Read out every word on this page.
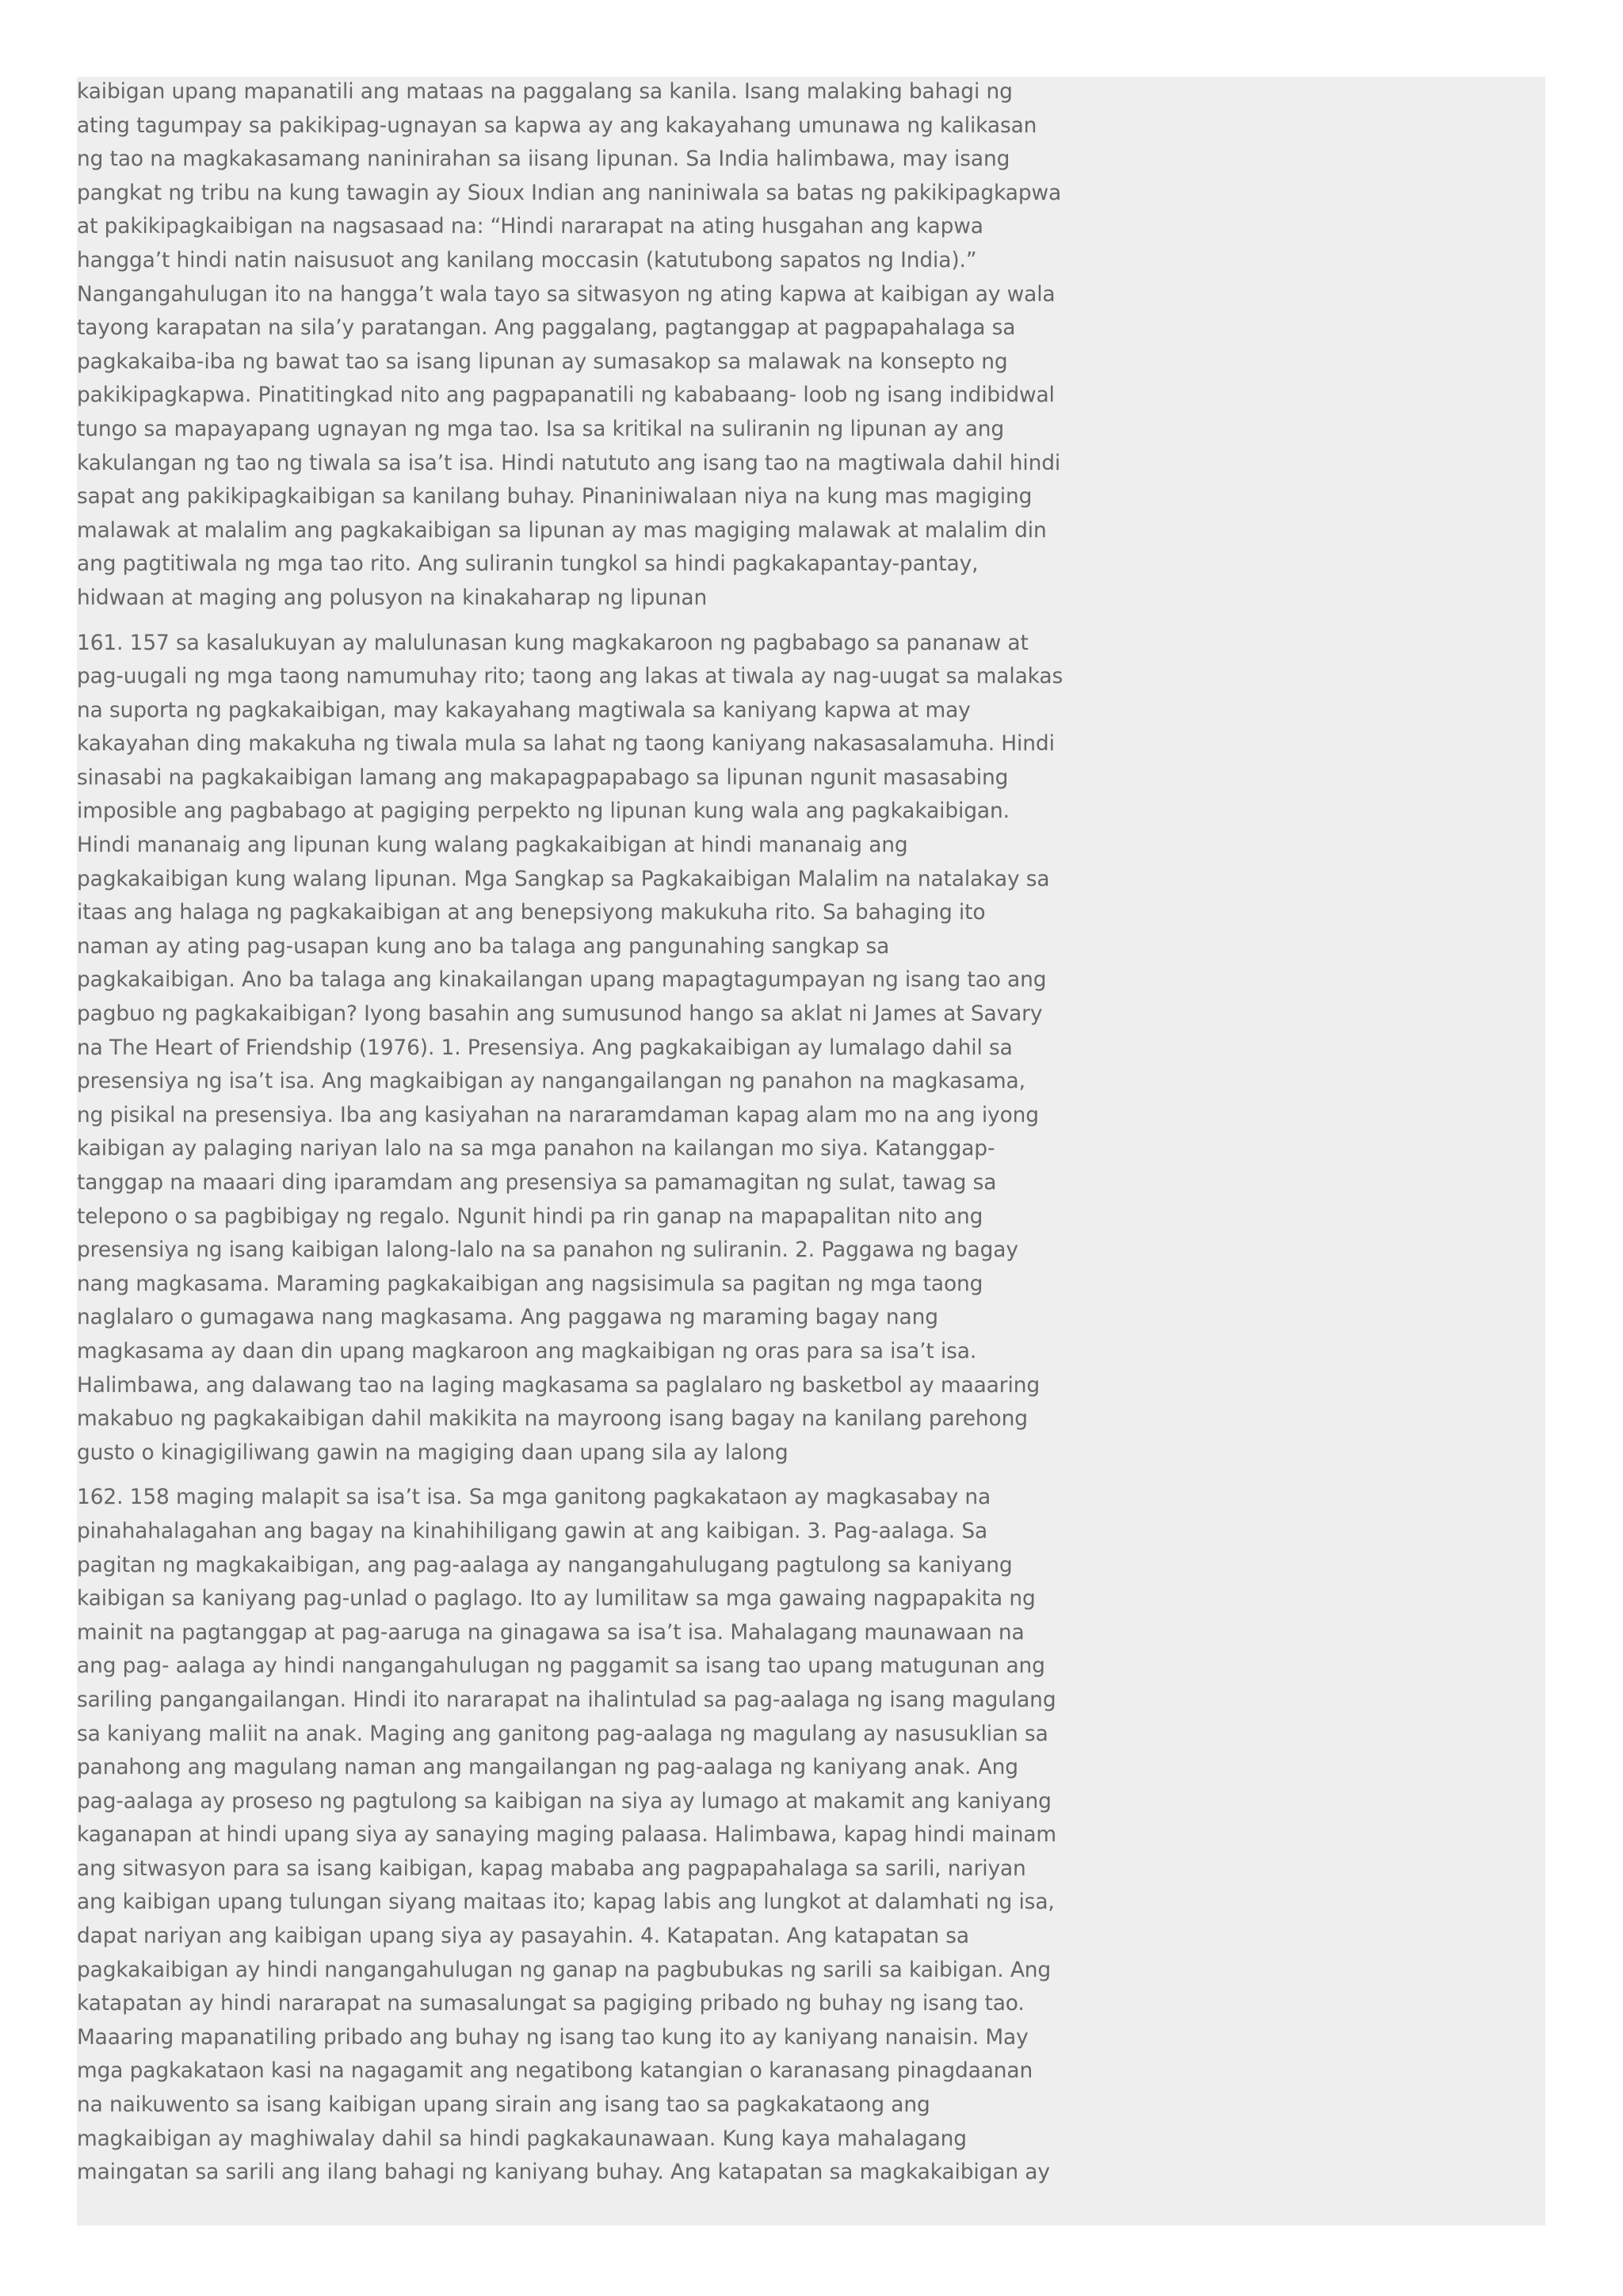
kaibigan upang mapanatili ang mataas na paggalang sa kanila. Isang malaking bahagi ng
ating tagumpay sa pakikipag-ugnayan sa kapwa ay ang kakayahang umunawa ng kalikasan
ng tao na magkakasamang naninirahan sa iisang lipunan. Sa India halimbawa, may isang
pangkat ng tribu na kung tawagin ay Sioux Indian ang naniniwala sa batas ng pakikipagkapwa
at pakikipagkaibigan na nagsasaad na: “Hindi nararapat na ating husgahan ang kapwa
hangga’t hindi natin naisusuot ang kanilang moccasin (katutubong sapatos ng India).”
Nangangahulugan ito na hangga’t wala tayo sa sitwasyon ng ating kapwa at kaibigan ay wala
tayong karapatan na sila’y paratangan. Ang paggalang, pagtanggap at pagpapahalaga sa
pagkakaiba-iba ng bawat tao sa isang lipunan ay sumasakop sa malawak na konsepto ng
pakikipagkapwa. Pinatitingkad nito ang pagpapanatili ng kababaang- loob ng isang indibidwal
tungo sa mapayapang ugnayan ng mga tao. Isa sa kritikal na suliranin ng lipunan ay ang
kakulangan ng tao ng tiwala sa isa’t isa. Hindi natututo ang isang tao na magtiwala dahil hindi
sapat ang pakikipagkaibigan sa kanilang buhay. Pinaniniwalaan niya na kung mas magiging
malawak at malalim ang pagkakaibigan sa lipunan ay mas magiging malawak at malalim din
ang pagtitiwala ng mga tao rito. Ang suliranin tungkol sa hindi pagkakapantay-pantay,
hidwaan at maging ang polusyon na kinakaharap ng lipunan

161. 157 sa kasalukuyan ay malulunasan kung magkakaroon ng pagbabago sa pananaw at
pag-uugali ng mga taong namumuhay rito; taong ang lakas at tiwala ay nag-uugat sa malakas
na suporta ng pagkakaibigan, may kakayahang magtiwala sa kaniyang kapwa at may
kakayahan ding makakuha ng tiwala mula sa lahat ng taong kaniyang nakasasalamuha. Hindi
sinasabi na pagkakaibigan lamang ang makapagpapabago sa lipunan ngunit masasabing
imposible ang pagbabago at pagiging perpekto ng lipunan kung wala ang pagkakaibigan.
Hindi mananaig ang lipunan kung walang pagkakaibigan at hindi mananaig ang
pagkakaibigan kung walang lipunan. Mga Sangkap sa Pagkakaibigan Malalim na natalakay sa
itaas ang halaga ng pagkakaibigan at ang benepsiyong makukuha rito. Sa bahaging ito
naman ay ating pag-usapan kung ano ba talaga ang pangunahing sangkap sa
pagkakaibigan. Ano ba talaga ang kinakailangan upang mapagtagumpayan ng isang tao ang
pagbuo ng pagkakaibigan? Iyong basahin ang sumusunod hango sa aklat ni James at Savary
na The Heart of Friendship (1976). 1. Presensiya. Ang pagkakaibigan ay lumalago dahil sa
presensiya ng isa’t isa. Ang magkaibigan ay nangangailangan ng panahon na magkasama,
ng pisikal na presensiya. Iba ang kasiyahan na nararamdaman kapag alam mo na ang iyong
kaibigan ay palaging nariyan lalo na sa mga panahon na kailangan mo siya. Katanggap-
tanggap na maaari ding iparamdam ang presensiya sa pamamagitan ng sulat, tawag sa
telepono o sa pagbibigay ng regalo. Ngunit hindi pa rin ganap na mapapalitan nito ang
presensiya ng isang kaibigan lalong-lalo na sa panahon ng suliranin. 2. Paggawa ng bagay
nang magkasama. Maraming pagkakaibigan ang nagsisimula sa pagitan ng mga taong
naglalaro o gumagawa nang magkasama. Ang paggawa ng maraming bagay nang
magkasama ay daan din upang magkaroon ang magkaibigan ng oras para sa isa’t isa.
Halimbawa, ang dalawang tao na laging magkasama sa paglalaro ng basketbol ay maaaring
makabuo ng pagkakaibigan dahil makikita na mayroong isang bagay na kanilang parehong
gusto o kinagigiliwang gawin na magiging daan upang sila ay lalong

162. 158 maging malapit sa isa’t isa. Sa mga ganitong pagkakataon ay magkasabay na
pinahahalagahan ang bagay na kinahihiligang gawin at ang kaibigan. 3. Pag-aalaga. Sa
pagitan ng magkakaibigan, ang pag-aalaga ay nangangahulugang pagtulong sa kaniyang
kaibigan sa kaniyang pag-unlad o paglago. Ito ay lumilitaw sa mga gawaing nagpapakita ng
mainit na pagtanggap at pag-aaruga na ginagawa sa isa’t isa. Mahalagang maunawaan na
ang pag- aalaga ay hindi nangangahulugan ng paggamit sa isang tao upang matugunan ang
sariling pangangailangan. Hindi ito nararapat na ihalintulad sa pag-aalaga ng isang magulang
sa kaniyang maliit na anak. Maging ang ganitong pag-aalaga ng magulang ay nasusuklian sa
panahong ang magulang naman ang mangailangan ng pag-aalaga ng kaniyang anak. Ang
pag-aalaga ay proseso ng pagtulong sa kaibigan na siya ay lumago at makamit ang kaniyang
kaganapan at hindi upang siya ay sanaying maging palaasa. Halimbawa, kapag hindi mainam
ang sitwasyon para sa isang kaibigan, kapag mababa ang pagpapahalaga sa sarili, nariyan
ang kaibigan upang tulungan siyang maitaas ito; kapag labis ang lungkot at dalamhati ng isa,
dapat nariyan ang kaibigan upang siya ay pasayahin. 4. Katapatan. Ang katapatan sa
pagkakaibigan ay hindi nangangahulugan ng ganap na pagbubukas ng sarili sa kaibigan. Ang
katapatan ay hindi nararapat na sumasalungat sa pagiging pribado ng buhay ng isang tao.
Maaaring mapanatiling pribado ang buhay ng isang tao kung ito ay kaniyang nanaisin. May
mga pagkakataon kasi na nagagamit ang negatibong katangian o karanasang pinagdaanan
na naikuwento sa isang kaibigan upang sirain ang isang tao sa pagkakataong ang
magkaibigan ay maghiwalay dahil sa hindi pagkakaunawaan. Kung kaya mahalagang
maingatan sa sarili ang ilang bahagi ng kaniyang buhay. Ang katapatan sa magkakaibigan ay
